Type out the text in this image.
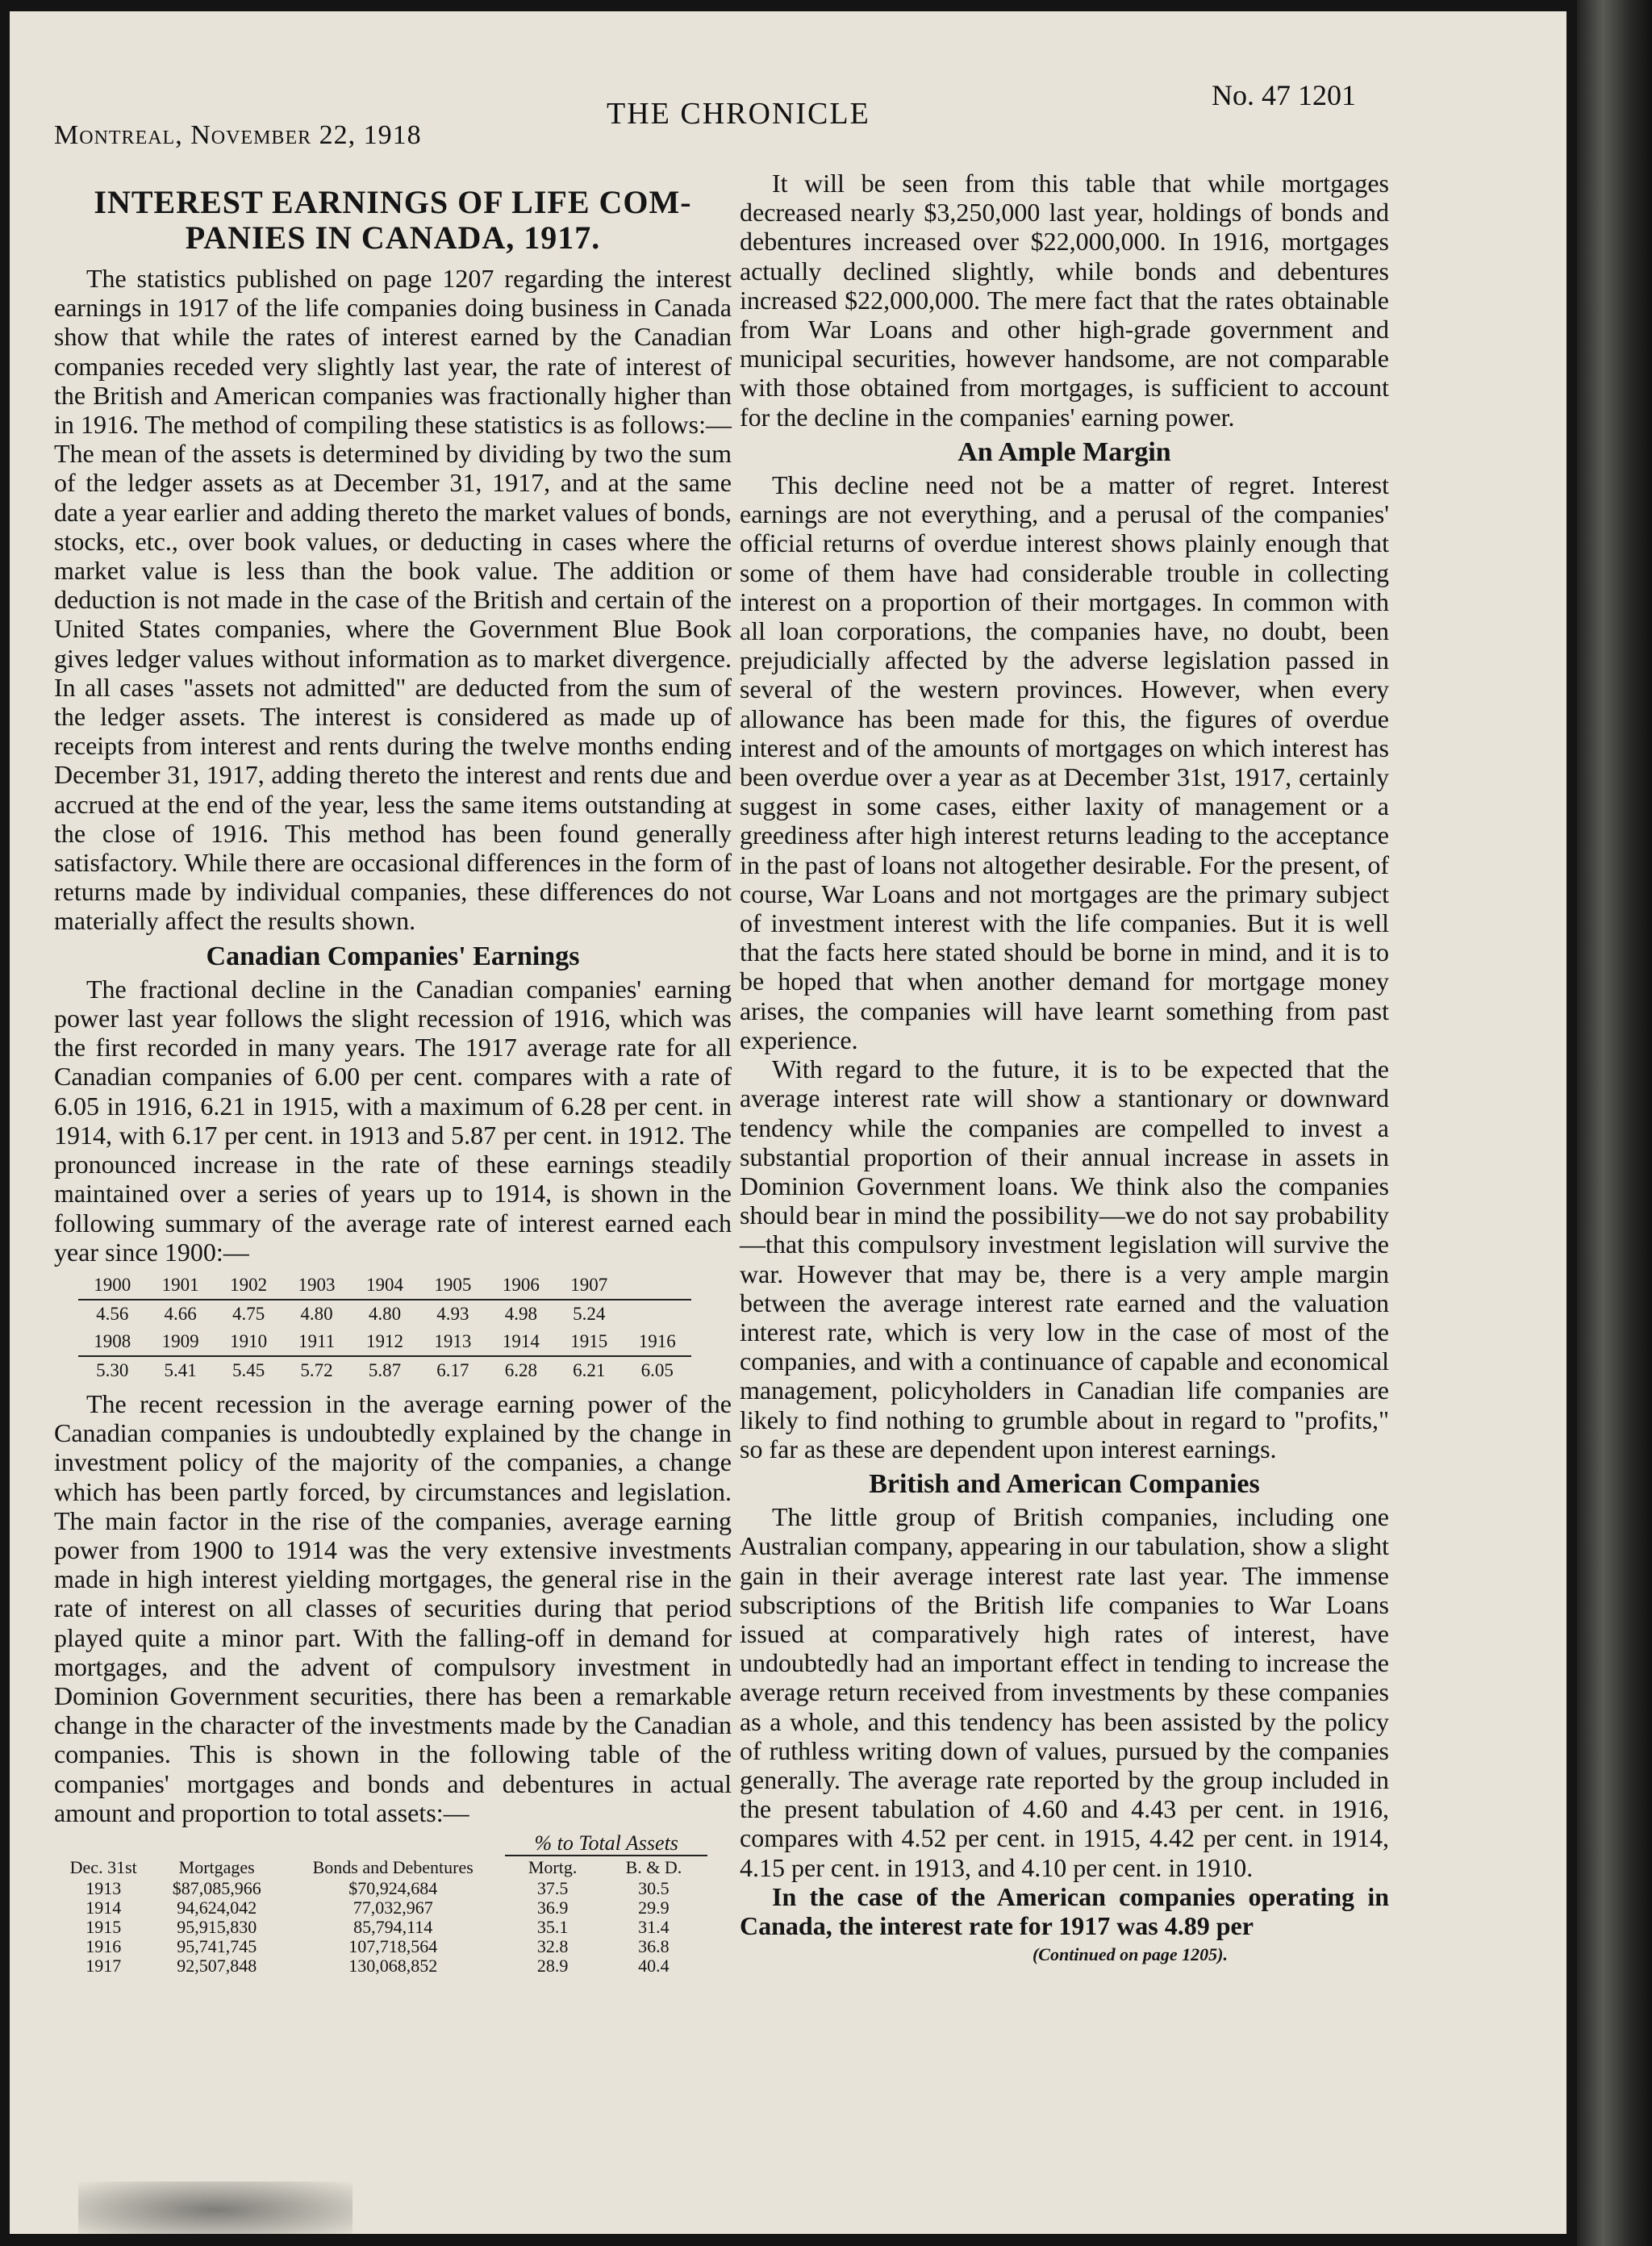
Montreal, November 22, 1918
THE CHRONICLE
No. 47 1201
INTEREST EARNINGS OF LIFE COM-PANIES IN CANADA, 1917.

The statistics published on page 1207 regarding the interest earnings in 1917 of the life companies doing business in Canada show that while the rates of interest earned by the Canadian companies receded very slightly last year, the rate of interest of the British and American companies was fractionally higher than in 1916. The method of compiling these statistics is as follows:—The mean of the assets is determined by dividing by two the sum of the ledger assets as at December 31, 1917, and at the same date a year earlier and adding thereto the market values of bonds, stocks, etc., over book values, or deducting in cases where the market value is less than the book value. The addition or deduction is not made in the case of the British and certain of the United States companies, where the Government Blue Book gives ledger values without information as to market divergence. In all cases "assets not admitted" are deducted from the sum of the ledger assets. The interest is considered as made up of receipts from interest and rents during the twelve months ending December 31, 1917, adding thereto the interest and rents due and accrued at the end of the year, less the same items outstanding at the close of 1916. This method has been found generally satisfactory. While there are occasional differences in the form of returns made by individual companies, these differences do not materially affect the results shown.

Canadian Companies' Earnings

The fractional decline in the Canadian companies' earning power last year follows the slight recession of 1916, which was the first recorded in many years. The 1917 average rate for all Canadian companies of 6.00 per cent. compares with a rate of 6.05 in 1916, 6.21 in 1915, with a maximum of 6.28 per cent. in 1914, with 6.17 per cent. in 1913 and 5.87 per cent. in 1912. The pronounced increase in the rate of these earnings steadily maintained over a series of years up to 1914, is shown in the following summary of the average rate of interest earned each year since 1900:—

1900	1901	1902	1903	1904	1905	1906	1907	
4.56	4.66	4.75	4.80	4.80	4.93	4.98	5.24	
1908	1909	1910	1911	1912	1913	1914	1915	1916
5.30	5.41	5.45	5.72	5.87	6.17	6.28	6.21	6.05

The recent recession in the average earning power of the Canadian companies is undoubtedly explained by the change in investment policy of the majority of the companies, a change which has been partly forced, by circumstances and legislation. The main factor in the rise of the companies, average earning power from 1900 to 1914 was the very extensive investments made in high interest yielding mortgages, the general rise in the rate of interest on all classes of securities during that period played quite a minor part. With the falling-off in demand for mortgages, and the advent of compulsory investment in Dominion Government securities, there has been a remarkable change in the character of the investments made by the Canadian companies. This is shown in the following table of the companies' mortgages and bonds and debentures in actual amount and proportion to total assets:—

Dec. 31st	Mortgages	Bonds and Debentures	% to Total Assets	
			Mortg.	B. & D.
1913	$87,085,966	$70,924,684	37.5	30.5
1914	94,624,042	77,032,967	36.9	29.9
1915	95,915,830	85,794,114	35.1	31.4
1916	95,741,745	107,718,564	32.8	36.8
1917	92,507,848	130,068,852	28.9	40.4

It will be seen from this table that while mortgages decreased nearly $3,250,000 last year, holdings of bonds and debentures increased over $22,000,000. In 1916, mortgages actually declined slightly, while bonds and debentures increased $22,000,000. The mere fact that the rates obtainable from War Loans and other high-grade government and municipal securities, however handsome, are not comparable with those obtained from mortgages, is sufficient to account for the decline in the companies' earning power.

An Ample Margin

This decline need not be a matter of regret. Interest earnings are not everything, and a perusal of the companies' official returns of overdue interest shows plainly enough that some of them have had considerable trouble in collecting interest on a proportion of their mortgages. In common with all loan corporations, the companies have, no doubt, been prejudicially affected by the adverse legislation passed in several of the western provinces. However, when every allowance has been made for this, the figures of overdue interest and of the amounts of mortgages on which interest has been overdue over a year as at December 31st, 1917, certainly suggest in some cases, either laxity of management or a greediness after high interest returns leading to the acceptance in the past of loans not altogether desirable. For the present, of course, War Loans and not mortgages are the primary subject of investment interest with the life companies. But it is well that the facts here stated should be borne in mind, and it is to be hoped that when another demand for mortgage money arises, the companies will have learnt something from past experience.

With regard to the future, it is to be expected that the average interest rate will show a stantionary or downward tendency while the companies are compelled to invest a substantial proportion of their annual increase in assets in Dominion Government loans. We think also the companies should bear in mind the possibility—we do not say probability—that this compulsory investment legislation will survive the war. However that may be, there is a very ample margin between the average interest rate earned and the valuation interest rate, which is very low in the case of most of the companies, and with a continuance of capable and economical management, policyholders in Canadian life companies are likely to find nothing to grumble about in regard to "profits," so far as these are dependent upon interest earnings.

British and American Companies

The little group of British companies, including one Australian company, appearing in our tabulation, show a slight gain in their average interest rate last year. The immense subscriptions of the British life companies to War Loans issued at comparatively high rates of interest, have undoubtedly had an important effect in tending to increase the average return received from investments by these companies as a whole, and this tendency has been assisted by the policy of ruthless writing down of values, pursued by the companies generally. The average rate reported by the group included in the present tabulation of 4.60 and 4.43 per cent. in 1916, compares with 4.52 per cent. in 1915, 4.42 per cent. in 1914, 4.15 per cent. in 1913, and 4.10 per cent. in 1910.

In the case of the American companies operating in Canada, the interest rate for 1917 was 4.89 per

(Continued on page 1205).
